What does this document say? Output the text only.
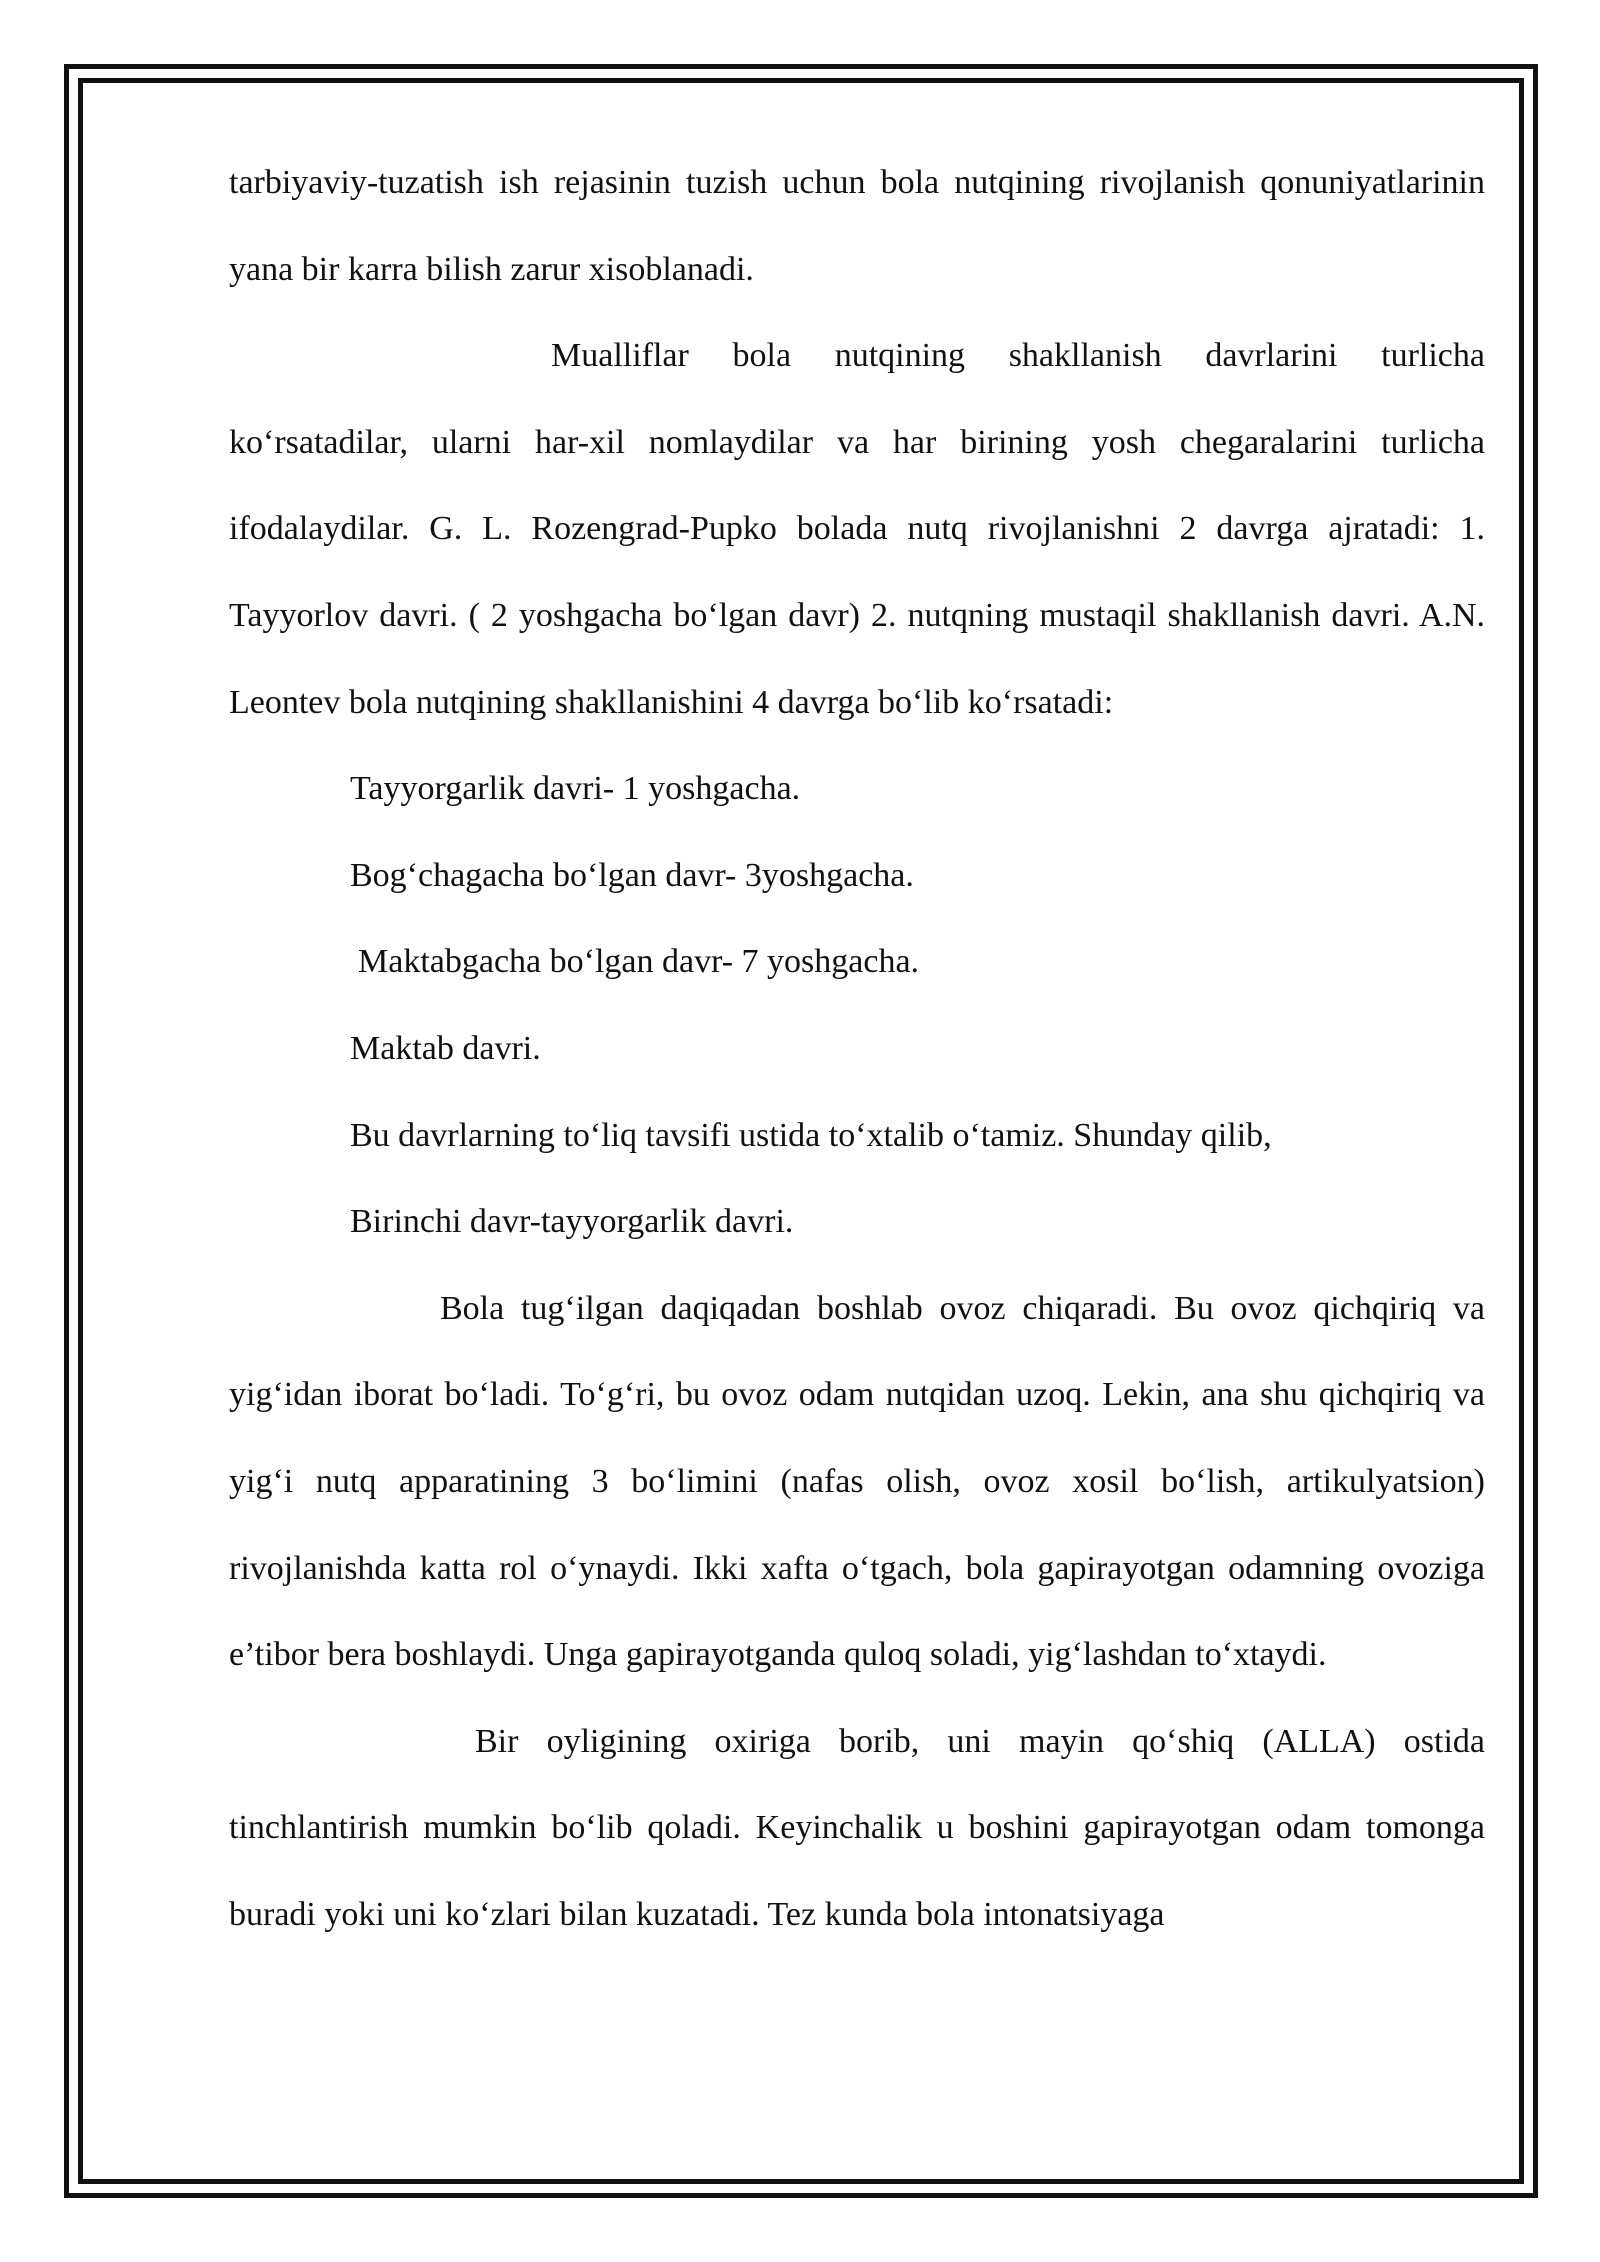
tarbiyaviy-tuzatish ish rejasinin tuzish uchun bola nutqining rivojlanish qonuniyatlarinin yana bir karra bilish zarur xisoblanadi.

Mualliflar bola nutqining shakllanish davrlarini turlicha ko‘rsatadilar, ularni har-xil nomlaydilar va har birining yosh chegaralarini turlicha ifodalaydilar. G. L. Rozengrad-Pupko bolada nutq rivojlanishni 2 davrga ajratadi: 1. Tayyorlov davri. ( 2 yoshgacha bo‘lgan davr) 2. nutqning mustaqil shakllanish davri. A.N. Leontev bola nutqining shakllanishini 4 davrga bo‘lib ko‘rsatadi:

Tayyorgarlik davri- 1 yoshgacha.
Bog‘chagacha bo‘lgan davr- 3yoshgacha.
Maktabgacha bo‘lgan davr- 7 yoshgacha.
Maktab davri.
Bu davrlarning to‘liq tavsifi ustida to‘xtalib o‘tamiz. Shunday qilib,
Birinchi davr-tayyorgarlik davri.

Bola tug‘ilgan daqiqadan boshlab ovoz chiqaradi. Bu ovoz qichqiriq va yig‘idan iborat bo‘ladi. To‘g‘ri, bu ovoz odam nutqidan uzoq. Lekin, ana shu qichqiriq va yig‘i nutq apparatining 3 bo‘limini (nafas olish, ovoz xosil bo‘lish, artikulyatsion) rivojlanishda katta rol o‘ynaydi. Ikki xafta o‘tgach, bola gapirayotgan odamning ovoziga e’tibor bera boshlaydi. Unga gapirayotganda quloq soladi, yig‘lashdan to‘xtaydi.

Bir oyligining oxiriga borib, uni mayin qo‘shiq (ALLA) ostida tinchlantirish mumkin bo‘lib qoladi. Keyinchalik u boshini gapirayotgan odam tomonga buradi yoki uni ko‘zlari bilan kuzatadi. Tez kunda bola intonatsiyaga
